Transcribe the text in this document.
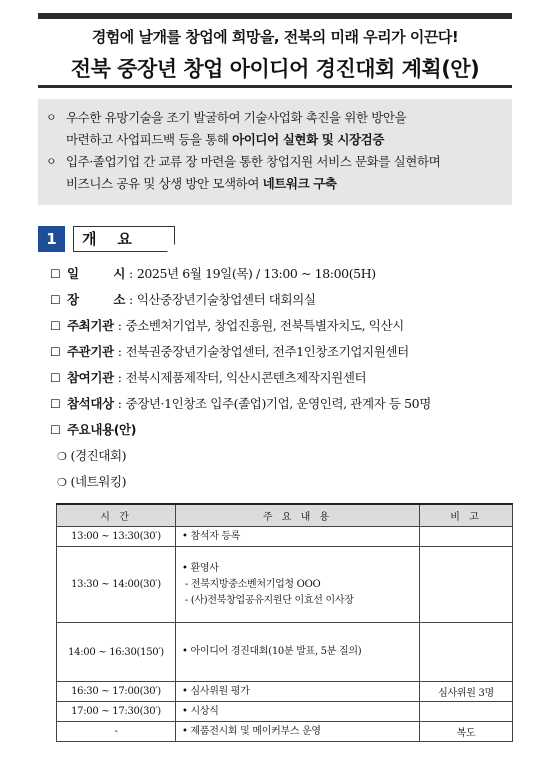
경험에 날개를 창업에 희망을, 전북의 미래 우리가 이끈다!
전북 중장년 창업 아이디어 경진대회 계획(안)
ㅇ 우수한 유망기술을 조기 발굴하여 기술사업화 촉진을 위한 방안을
마련하고 사업피드백 등을 통해 아이디어 실현화 및 시장검증
ㅇ 입주·졸업기업 간 교류 장 마련을 통한 창업지원 서비스 문화를 실현하며
비즈니스 공유 및 상생 방안 모색하여 네트워크 구축
1	개    요
☐ 일	시 : 2025년 6월 19일(목) / 13:00 ~ 18:00(5H)
☐ 장	소 : 익산중장년기술창업센터 대회의실
☐ 주최기관 : 중소벤처기업부, 창업진흥원, 전북특별자치도, 익산시
☐ 주관기관 : 전북권중장년기술창업센터, 전주1인창조기업지원센터
☐ 참여기관 : 전북시제품제작터, 익산시콘텐츠제작지원센터
☐ 참석대상 : 중장년·1인창조 입주(졸업)기업, 운영인력, 관계자 등 50명
☐ 주요내용(안)
❍ (경진대회)
❍ (네트워킹)
시 간	주 요 내 용	비 고
13:00 ~ 13:30(30′)	• 참석자 등록	

13:30 ~ 14:00(30′)	• 환영사
- 전북지방중소벤처기업청 OOO
- (사)전북창업공유지원단 이효선 이사장	

14:00 ~ 16:30(150′)	• 아이디어 경진대회(10분 발표, 5분 질의)	

16:30 ~ 17:00(30′)	• 심사위원 평가	심사위원 3명
17:00 ~ 17:30(30′)	• 시상식	

-	• 제품전시회 및 메이커부스 운영	복도
